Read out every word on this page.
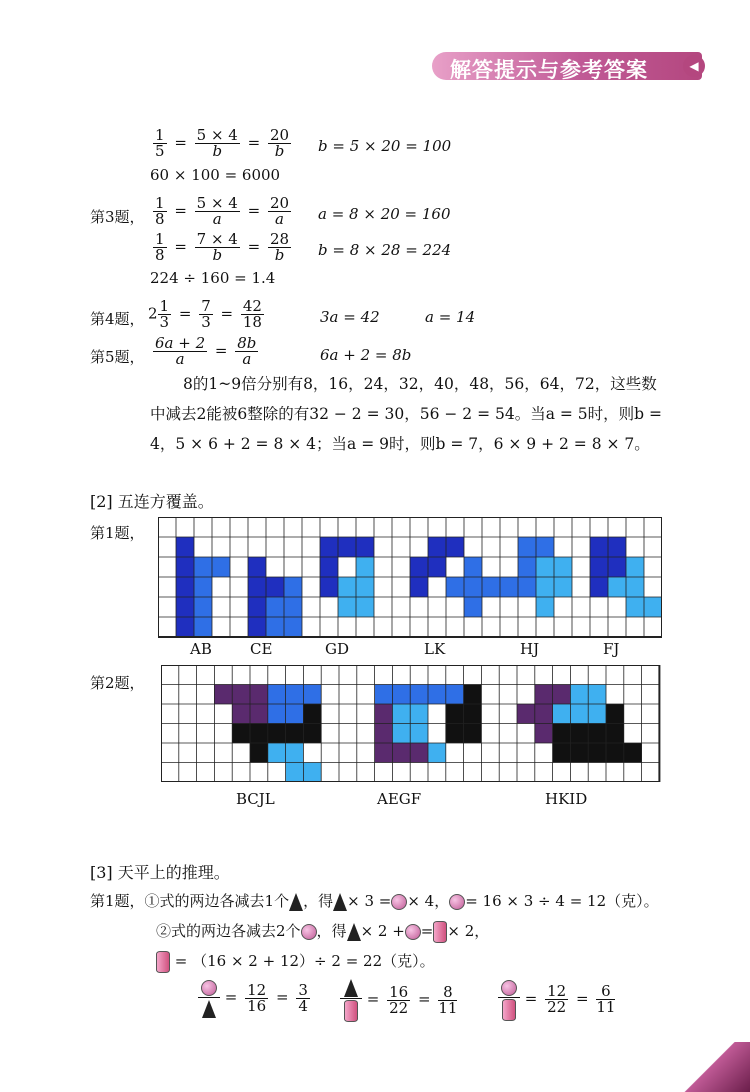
解答提示与参考答案	◀
$\frac{1}{5} = \frac{5 \times 4}{b} = \frac{20}{b}$ b = 5 × 20 = 100
60 × 100 = 6000
第3题， $\frac{1}{8} = \frac{5 \times 4}{a} = \frac{20}{a}$ a = 8 × 20 = 160
$\frac{1}{8} = \frac{7 \times 4}{b} = \frac{28}{b}$ b = 8 × 28 = 224
224 ÷ 160 = 1.4
第4题， $2 \frac{1}{3} = \frac{7}{3} = \frac{42}{18}$	3a = 42	a = 14
第5题， $\frac{6a + 2}{a} = \frac{8b}{a}$	6a + 2 = 8b
8的1~9倍分别有8，16，24，32，40，48，56，64，72，这些数
中减去2能被6整除的有32 − 2 = 30，56 − 2 = 54。当a = 5时，则b =
4，5 × 6 + 2 = 8 × 4；当a = 9时，则b = 7，6 × 9 + 2 = 8 × 7。
[2] 五连方覆盖。
第1题，
AB	CE	GD	LK	HJ	FJ
第2题，
BCJL	AEGF	HKID
[3] 天平上的推理。
第1题，①式的两边各减去1个 ，得 × 3 = × 4， = 16 × 3 ÷ 4 = 12（克）。
②式的两边各减去2个 ，得 × 2 + = × 2，
= （16 × 2 + 12）÷ 2 = 22（克）。
= $\frac{12}{16} = \frac{3}{4}$	= $\frac{16}{22} = \frac{8}{11}$	= $\frac{12}{22} = \frac{6}{11}$
